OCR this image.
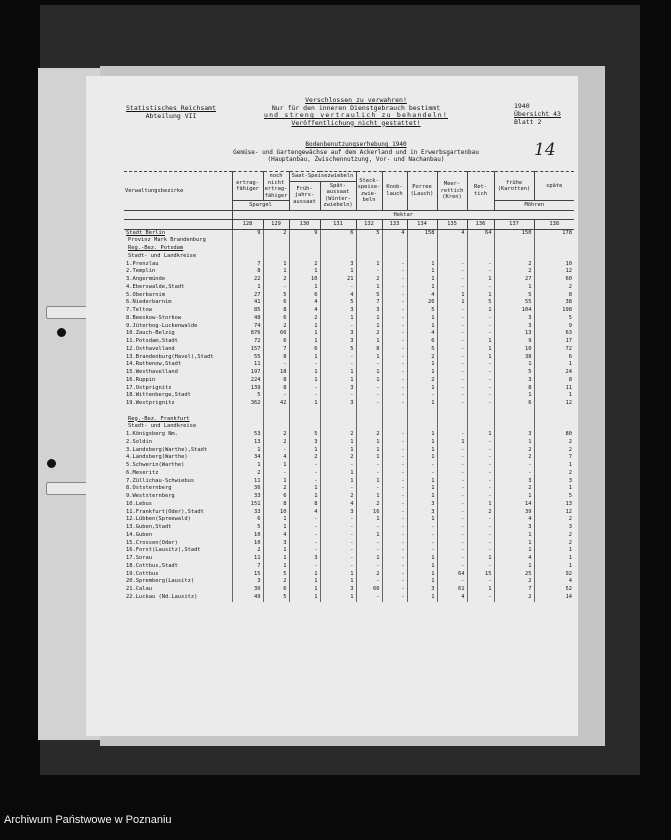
Statistisches Reichsamt
Abteilung VII
Verschlossen zu verwahren!
Nur für den inneren Dienstgebrauch bestimmt
und streng vertraulich zu behandeln!
Veröffentlichung nicht gestattet!
1940
Übersicht 43
Blatt 2
Bodenbenutzungserhebung 1940
Gemüse- und Gartengewächse auf dem Ackerland und in Erwerbsgartenbau
(Hauptanbau, Zwischennutzung, Vor- und Nachanbau)	14
Verwaltungsbezirke	ertrag-fähiger	noch nicht ertrag-fähiger	Saat-Speisezwiebeln		Steck-speise-zwie-beln	Knob-lauch	Porree (Lauch)	Meer-rettich (Kren)	Ret-tich	frühe (Karotten)	späte
			Früh-jahrs-aussaat	Spät-aussaat (Winter-zwiebeln)							
	Spargel									Möhren	
	Hektar										
	128	129	130	131	132	133	134	135	136	137	138
Stadt Berlin	9	2	9	6	5	4	158	4	64	150	178
Provinz Mark Brandenburg											
Reg.-Bez. Potsdam											
Stadt- und Landkreise											
1.Prenzlau	7	1	2	3	1	-	1	-	-	2	10
2.Templin	8	1	1	1	-	-	1	-	-	2	12
3.Angermünde	22	2	10	21	2	-	1	-	1	27	60
4.Eberswalde,Stadt	1	-	1	-	1	-	1	-	-	1	2
5.Oberbarnim	27	5	6	4	5	-	4	1	1	5	8
6.Niederbarnim	41	6	4	5	7	-	26	1	5	55	38
7.Teltow	85	8	4	3	3	-	5	-	1	104	198
8.Beeskow-Storkow	48	6	2	1	1	-	1	-	-	3	5
9.Jüterbog-Luckenwalde	74	2	1	-	1	-	1	-	-	3	9
10.Zauch-Belzig	876	66	1	3	2	-	4	-	-	13	63
11.Potsdam,Stadt	72	6	1	3	1	-	6	-	1	9	17
12.Osthavelland	157	7	6	5	8	-	5	-	1	10	72
13.Brandenburg(Havel),Stadt	55	8	1	-	1	-	2	-	1	38	6
14.Rathenow,Stadt	11	-	-	-	-	-	1	-	-	1	1
15.Westhavelland	197	18	1	1	1	-	1	-	-	5	24
16.Ruppin	224	8	1	1	1	-	2	-	-	3	8
17.Ostprignitz	139	8	-	3	-	-	1	-	-	8	11
18.Wittenberge,Stadt	5	-	-	-	-	-	-	-	-	1	1
19.Westprignitz	362	42	1	3	-	-	1	-	-	6	12

Reg.-Bez. Frankfurt											
Stadt- und Landkreise											
1.Königsberg Nm.	53	2	5	2	2	-	1	-	1	3	80
2.Soldin	13	2	3	1	1	-	1	1	-	1	2
3.Landsberg(Warthe),Stadt	1	-	1	1	1	-	1	-	-	2	2
4.Landsberg(Warthe)	34	4	2	2	1	-	1	-	-	2	7
5.Schwerin(Warthe)	1	1	-	-	-	-	-	-	-	-	1
6.Meseritz	2	-	-	1	-	-	-	-	-	-	2
7.Züllichau-Schwiebus	11	1	-	1	1	-	1	-	-	3	3
8.Oststernberg	36	2	1	-	-	-	1	-	-	2	1
9.Weststernberg	33	6	1	2	1	-	1	-	-	1	5
10.Lebus	151	8	8	4	2	-	3	-	1	14	13
11.Frankfurt(Oder),Stadt	33	10	4	3	16	-	3	-	2	39	12
12.Lübben(Spreewald)	6	1	-	-	1	-	1	-	-	4	2
13.Guben,Stadt	5	1	-	-	-	-	-	-	-	3	3
14.Guben	10	4	-	-	1	-	-	-	-	1	2
15.Crossen(Oder)	10	3	-	-	-	-	-	-	-	1	2
16.Forst(Lausitz),Stadt	2	1	-	-	-	-	-	-	-	1	1
17.Sorau	11	1	3	-	1	-	1	-	1	4	1
18.Cottbus,Stadt	7	1	-	-	-	-	1	-	-	1	1
19.Cottbus	15	5	1	1	2	-	1	64	15	25	92
20.Spremberg(Lausitz)	3	2	1	1	-	-	1	-	-	2	4
21.Calau	30	6	1	3	66	-	3	61	1	7	52
22.Luckau (Nd.Lausitz)	49	5	1	1	-	-	1	4	-	2	14
Archiwum Państwowe w Poznaniu
